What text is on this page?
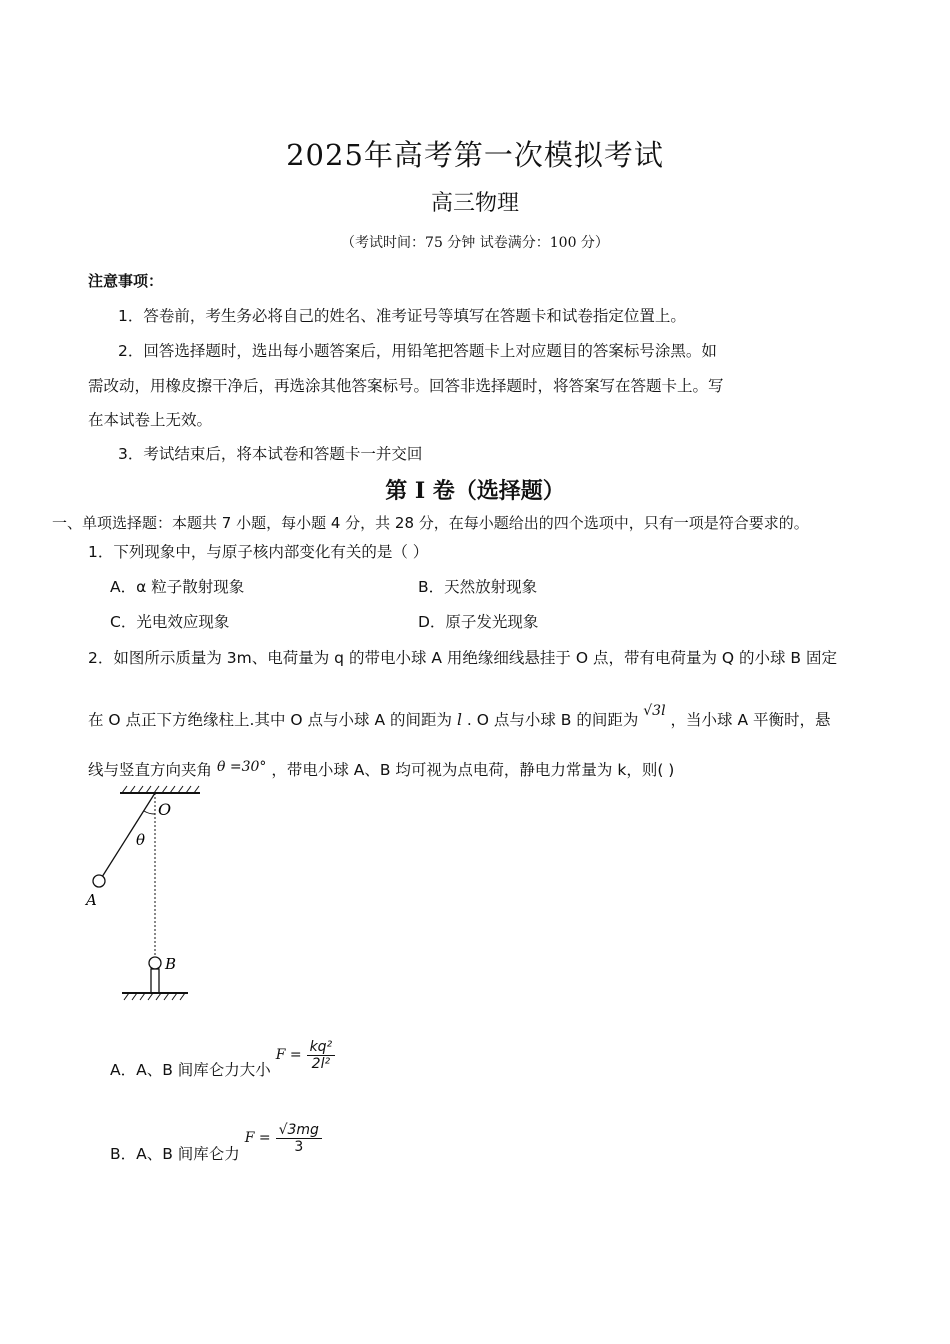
2025年高考第一次模拟考试
高三物理
（考试时间：75 分钟 试卷满分：100 分）
注意事项：
1．答卷前，考生务必将自己的姓名、准考证号等填写在答题卡和试卷指定位置上。
2．回答选择题时，选出每小题答案后，用铅笔把答题卡上对应题目的答案标号涂黑。如
需改动，用橡皮擦干净后，再选涂其他答案标号。回答非选择题时，将答案写在答题卡上。写
在本试卷上无效。
3．考试结束后，将本试卷和答题卡一并交回
第 I 卷（选择题）
一、单项选择题：本题共 7 小题，每小题 4 分，共 28 分，在每小题给出的四个选项中，只有一项是符合要求的。
1．下列现象中，与原子核内部变化有关的是（ ）
A．α 粒子散射现象	B．天然放射现象
C．光电效应现象	D．原子发光现象
2．如图所示质量为 3m、电荷量为 q 的带电小球 A 用绝缘细线悬挂于 O 点，带有电荷量为 Q 的小球 B 固定
在 O 点正下方绝缘柱上.其中 O 点与小球 A 的间距为 l . O 点与小球 B 的间距为 √3l ，当小球 A 平衡时，悬
线与竖直方向夹角 θ =30° ，带电小球 A、B 均可视为点电荷，静电力常量为 k，则( )
O
θ
A
B
A．A、B 间库仑力大小 $F = \frac{\text{kq²}}{\text{2l²}}$
B．A、B 间库仑力 $F = \frac{√3mg}{3}$
